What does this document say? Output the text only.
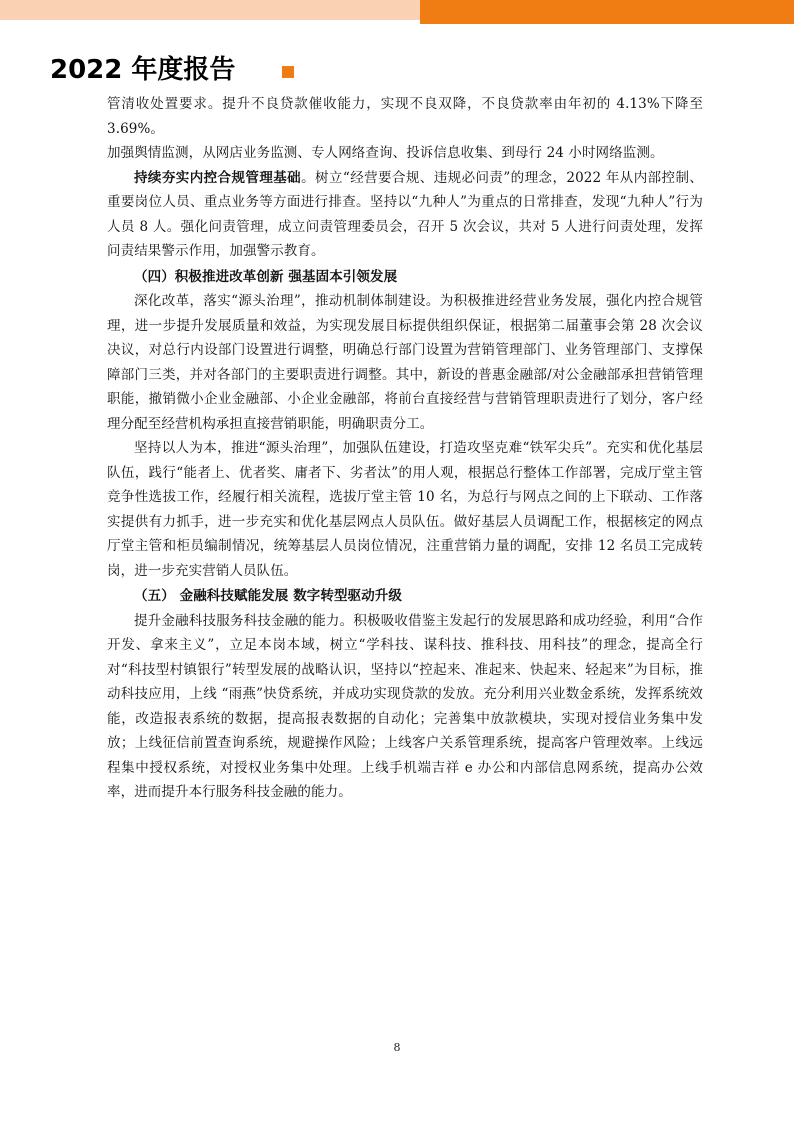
2022 年度报告

管清收处置要求。提升不良贷款催收能力，实现不良双降，不良贷款率由年初的 4.13%下降至 3.69%。

加强舆情监测，从网店业务监测、专人网络查询、投诉信息收集、到母行 24 小时网络监测。

持续夯实内控合规管理基础。树立“经营要合规、违规必问责”的理念，2022 年从内部控制、重要岗位人员、重点业务等方面进行排查。坚持以“九种人”为重点的日常排查，发现“九种人”行为人员 8 人。强化问责管理，成立问责管理委员会，召开 5 次会议，共对 5 人进行问责处理，发挥问责结果警示作用，加强警示教育。

（四）积极推进改革创新 强基固本引领发展

深化改革，落实“源头治理”，推动机制体制建设。为积极推进经营业务发展，强化内控合规管理，进一步提升发展质量和效益，为实现发展目标提供组织保证，根据第二届董事会第 28 次会议决议，对总行内设部门设置进行调整，明确总行部门设置为营销管理部门、业务管理部门、支撑保障部门三类，并对各部门的主要职责进行调整。其中，新设的普惠金融部/对公金融部承担营销管理职能，撤销微小企业金融部、小企业金融部，将前台直接经营与营销管理职责进行了划分，客户经理分配至经营机构承担直接营销职能，明确职责分工。

坚持以人为本，推进“源头治理”，加强队伍建设，打造攻坚克难“铁军尖兵”。充实和优化基层队伍，践行“能者上、优者奖、庸者下、劣者汰”的用人观，根据总行整体工作部署，完成厅堂主管竞争性选拔工作，经履行相关流程，选拔厅堂主管 10 名，为总行与网点之间的上下联动、工作落实提供有力抓手，进一步充实和优化基层网点人员队伍。做好基层人员调配工作，根据核定的网点厅堂主管和柜员编制情况，统筹基层人员岗位情况，注重营销力量的调配，安排 12 名员工完成转岗，进一步充实营销人员队伍。

（五） 金融科技赋能发展 数字转型驱动升级

提升金融科技服务科技金融的能力。积极吸收借鉴主发起行的发展思路和成功经验，利用“合作开发、拿来主义”，立足本岗本域，树立“学科技、谋科技、推科技、用科技”的理念，提高全行对“科技型村镇银行”转型发展的战略认识，坚持以“控起来、准起来、快起来、轻起来”为目标，推动科技应用，上线 “雨燕”快贷系统，并成功实现贷款的发放。充分利用兴业数金系统，发挥系统效能，改造报表系统的数据，提高报表数据的自动化；完善集中放款模块，实现对授信业务集中发放；上线征信前置查询系统，规避操作风险；上线客户关系管理系统，提高客户管理效率。上线远程集中授权系统，对授权业务集中处理。上线手机端吉祥 e 办公和内部信息网系统，提高办公效率，进而提升本行服务科技金融的能力。

8
